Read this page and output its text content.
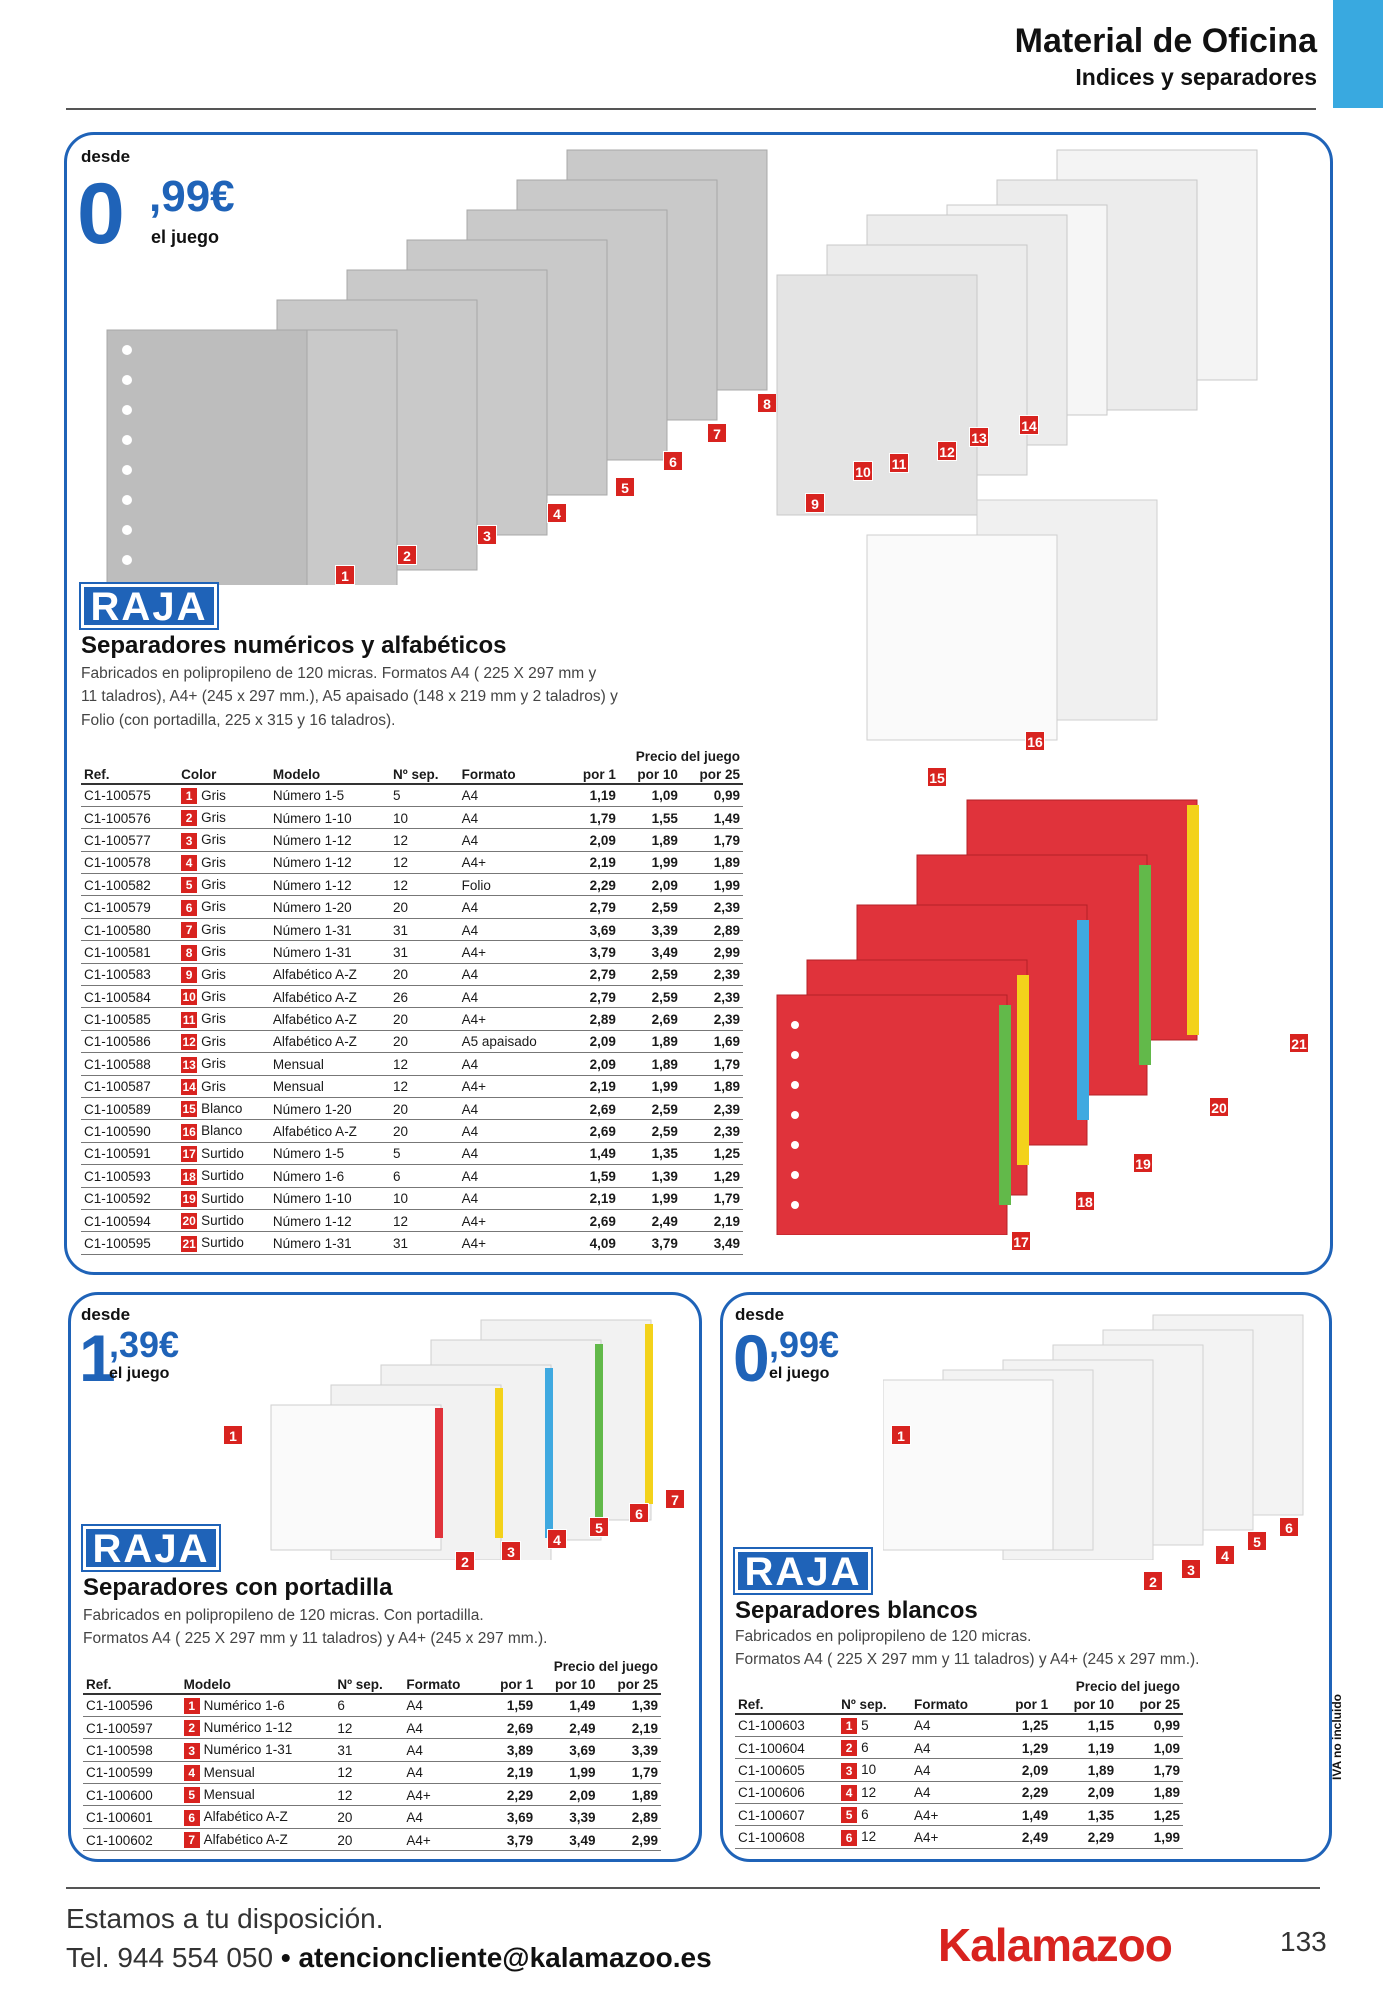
Material de Oficina
Indices y separadores
desde
0 ,99€
el juego
1
2
3
4
5
6
7
8
14
13
12
11
10
9
16
15
21
20
19
18
17
RAJA
Separadores numéricos y alfabéticos
Fabricados en polipropileno de 120 micras. Formatos A4 ( 225 X 297 mm y
11 taladros), A4+ (245 x 297 mm.), A5 apaisado (148 x 219 mm y 2 taladros) y
Folio (con portadilla, 225 x 315 y 16 taladros).
					Precio del juego		
Ref.	Color	Modelo	Nº sep.	Formato	por 1	por 10	por 25
C1-100575	1 Gris	Número 1-5	5	A4	1,19	1,09	0,99
C1-100576	2 Gris	Número 1-10	10	A4	1,79	1,55	1,49
C1-100577	3 Gris	Número 1-12	12	A4	2,09	1,89	1,79
C1-100578	4 Gris	Número 1-12	12	A4+	2,19	1,99	1,89
C1-100582	5 Gris	Número 1-12	12	Folio	2,29	2,09	1,99
C1-100579	6 Gris	Número 1-20	20	A4	2,79	2,59	2,39
C1-100580	7 Gris	Número 1-31	31	A4	3,69	3,39	2,89
C1-100581	8 Gris	Número 1-31	31	A4+	3,79	3,49	2,99
C1-100583	9 Gris	Alfabético A-Z	20	A4	2,79	2,59	2,39
C1-100584	10 Gris	Alfabético A-Z	26	A4	2,79	2,59	2,39
C1-100585	11 Gris	Alfabético A-Z	20	A4+	2,89	2,69	2,39
C1-100586	12 Gris	Alfabético A-Z	20	A5 apaisado	2,09	1,89	1,69
C1-100588	13 Gris	Mensual	12	A4	2,09	1,89	1,79
C1-100587	14 Gris	Mensual	12	A4+	2,19	1,99	1,89
C1-100589	15 Blanco	Número 1-20	20	A4	2,69	2,59	2,39
C1-100590	16 Blanco	Alfabético A-Z	20	A4	2,69	2,59	2,39
C1-100591	17 Surtido	Número 1-5	5	A4	1,49	1,35	1,25
C1-100593	18 Surtido	Número 1-6	6	A4	1,59	1,39	1,29
C1-100592	19 Surtido	Número 1-10	10	A4	2,19	1,99	1,79
C1-100594	20 Surtido	Número 1-12	12	A4+	2,69	2,49	2,19
C1-100595	21 Surtido	Número 1-31	31	A4+	4,09	3,79	3,49
desde
1
,39€
el juego
1
2
3
4
5
6
7
RAJA
Separadores con portadilla
Fabricados en polipropileno de 120 micras. Con portadilla.
Formatos A4 ( 225 X 297 mm y 11 taladros) y A4+ (245 x 297 mm.).
				Precio del juego		
Ref.	Modelo	Nº sep.	Formato	por 1	por 10	por 25
C1-100596	1 Numérico 1-6	6	A4	1,59	1,49	1,39
C1-100597	2 Numérico 1-12	12	A4	2,69	2,49	2,19
C1-100598	3 Numérico 1-31	31	A4	3,89	3,69	3,39
C1-100599	4 Mensual	12	A4	2,19	1,99	1,79
C1-100600	5 Mensual	12	A4+	2,29	2,09	1,89
C1-100601	6 Alfabético A-Z	20	A4	3,69	3,39	2,89
C1-100602	7 Alfabético A-Z	20	A4+	3,79	3,49	2,99
desde
0 ,99€
el juego
1
2
3
4
5
6
RAJA
Separadores blancos
Fabricados en polipropileno de 120 micras.
Formatos A4 ( 225 X 297 mm y 11 taladros) y A4+ (245 x 297 mm.).
			Precio del juego		
Ref.	Nº sep.	Formato	por 1	por 10	por 25
C1-100603	1 5	A4	1,25	1,15	0,99
C1-100604	2 6	A4	1,29	1,19	1,09
C1-100605	3 10	A4	2,09	1,89	1,79
C1-100606	4 12	A4	2,29	2,09	1,89
C1-100607	5 6	A4+	1,49	1,35	1,25
C1-100608	6 12	A4+	2,49	2,29	1,99
IVA no incluido
Estamos a tu disposición.
Tel. 944 554 050 • atencioncliente@kalamazoo.es	Kalamazoo	133
